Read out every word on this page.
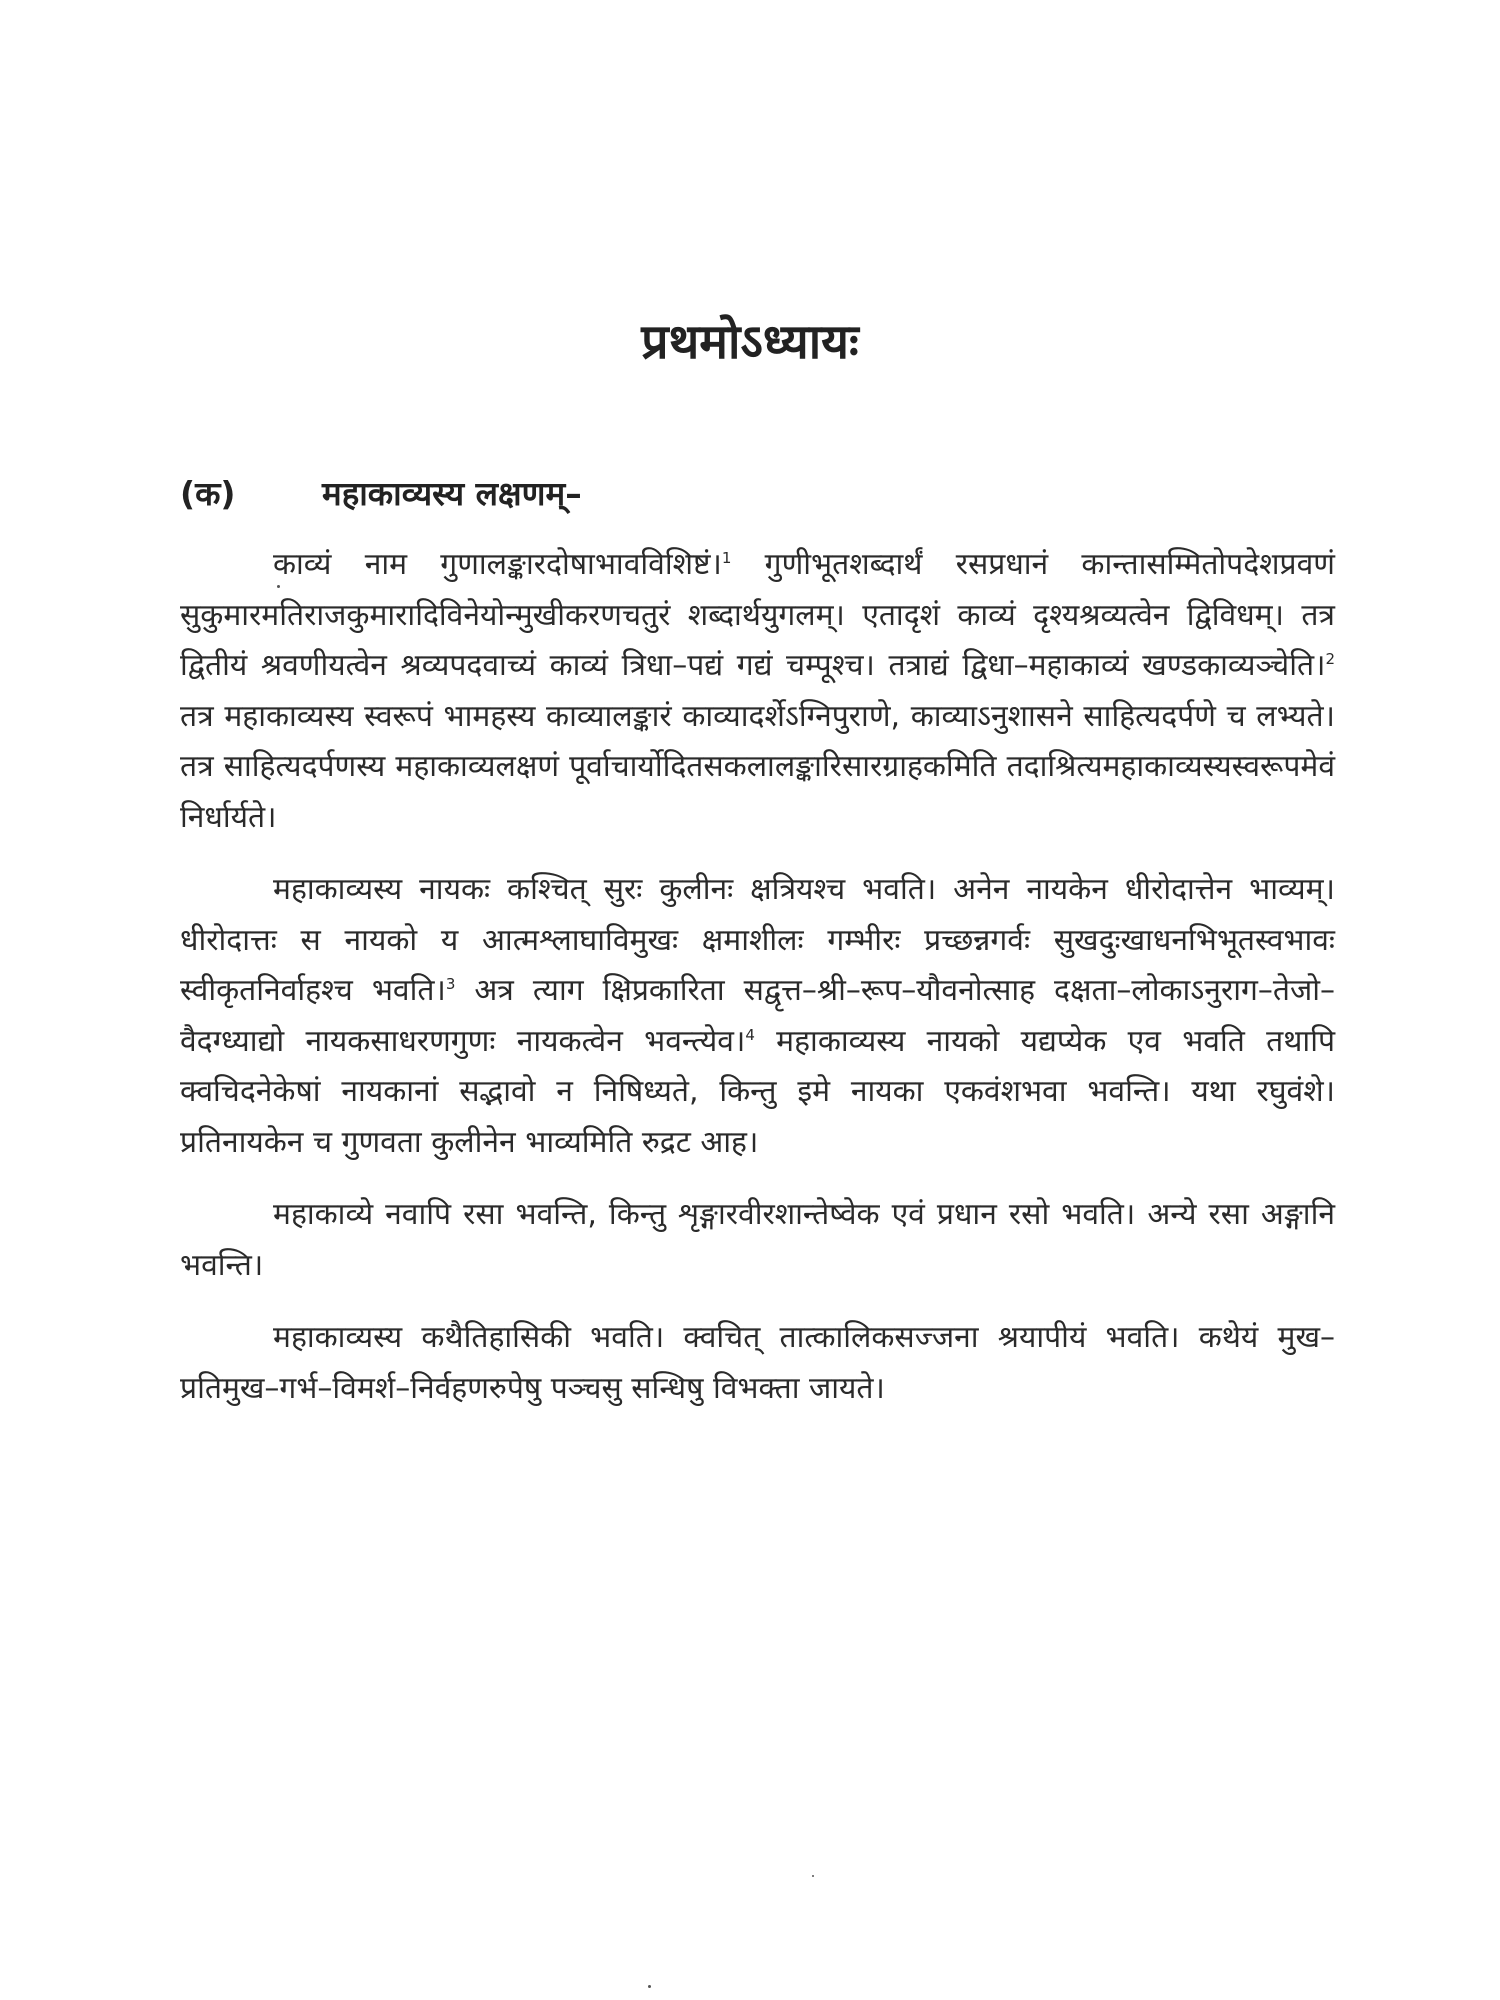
प्रथमोऽध्यायः
(क)	महाकाव्यस्य लक्षणम्–

काव्यं नाम गुणालङ्कारदोषाभावविशिष्टं।$^1$ गुणीभूतशब्दार्थं रसप्रधानं कान्तासम्मितोपदेशप्रवणं सुकुमारमतिराजकुमारादिविनेयोन्मुखीकरणचतुरं शब्दार्थयुगलम्। एतादृशं काव्यं दृश्यश्रव्यत्वेन द्विविधम्। तत्र द्वितीयं श्रवणीयत्वेन श्रव्यपदवाच्यं काव्यं त्रिधा–पद्यं गद्यं चम्पूश्च। तत्राद्यं द्विधा–महाकाव्यं खण्डकाव्यञ्चेति।$^2$ तत्र महाकाव्यस्य स्वरूपं भामहस्य काव्यालङ्कारं काव्यादर्शेऽग्निपुराणे, काव्याऽनुशासने साहित्यदर्पणे च लभ्यते। तत्र साहित्यदर्पणस्य महाकाव्यलक्षणं पूर्वाचार्योदितसकलालङ्कारिसारग्राहकमिति तदाश्रित्यमहाकाव्यस्यस्वरूपमेवं निर्धार्यते।

महाकाव्यस्य नायकः कश्चित् सुरः कुलीनः क्षत्रियश्च भवति। अनेन नायकेन धीरोदात्तेन भाव्यम्। धीरोदात्तः स नायको य आत्मश्लाघाविमुखः क्षमाशीलः गम्भीरः प्रच्छन्नगर्वः सुखदुःखाधनभिभूतस्वभावः स्वीकृतनिर्वाहश्च भवति।$^3$ अत्र त्याग क्षिप्रकारिता सद्वृत्त–श्री–रूप–यौवनोत्साह दक्षता–लोकाऽनुराग–तेजो–वैदग्ध्याद्यो नायकसाधरणगुणः नायकत्वेन भवन्त्येव।$^4$ महाकाव्यस्य नायको यद्यप्येक एव भवति तथापि क्वचिदनेकेषां नायकानां सद्भावो न निषिध्यते, किन्तु इमे नायका एकवंशभवा भवन्ति। यथा रघुवंशे। प्रतिनायकेन च गुणवता कुलीनेन भाव्यमिति रुद्रट आह।

महाकाव्ये नवापि रसा भवन्ति, किन्तु शृङ्गारवीरशान्तेष्वेक एवं प्रधान रसो भवति। अन्ये रसा अङ्गानि भवन्ति।

महाकाव्यस्य कथैतिहासिकी भवति। क्वचित् तात्कालिकसज्जना श्रयापीयं भवति। कथेयं मुख–प्रतिमुख–गर्भ–विमर्श–निर्वहणरुपेषु पञ्चसु सन्धिषु विभक्ता जायते।
